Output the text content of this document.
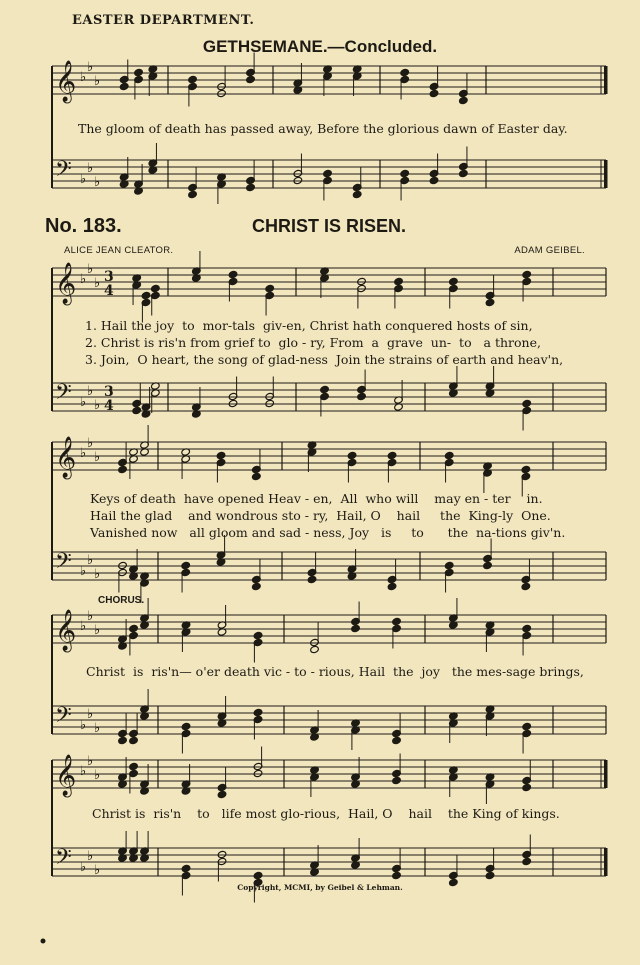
EASTER DEPARTMENT.
GETHSEMANE.—Concluded.
𝄞 ♭
♭
♭
𝄢 ♭
♭
♭
𝄞 ♭
♭
♭ 3
4
𝄢 ♭
♭
♭
3
4
𝄞 ♭
♭
♭
𝄢 ♭
♭
♭
𝄞 ♭
♭
♭
𝄢 ♭
♭
♭
𝄞 ♭
♭
♭
𝄢 ♭
♭
♭
The gloom of death has passed away, Before the glorious dawn of Easter day.
No. 183.	CHRIST IS RISEN.
ALICE JEAN CLEATOR.	ADAM GEIBEL.
1. Hail the joy  to  mor-tals  giv-en, Christ hath conquered hosts of sin,
2. Christ is ris'n from grief to  glo - ry, From  a  grave  un-  to   a throne,
3. Join,  O heart, the song of glad-ness  Join the strains of earth and heav'n,
Keys of death  have opened Heav - en,  All  who will    may en - ter    in.
Hail the glad    and wondrous sto - ry,  Hail, O    hail     the  King-ly  One.
Vanished now   all gloom and sad - ness, Joy   is     to      the  na-tions giv'n.
CHORUS.
Christ  is  ris'n— o'er death vic - to - rious, Hail  the  joy   the mes-sage brings,
Christ is  ris'n    to   life most glo-rious,  Hail, O    hail    the King of kings.
Copyright, MCMI, by Geibel & Lehman.
